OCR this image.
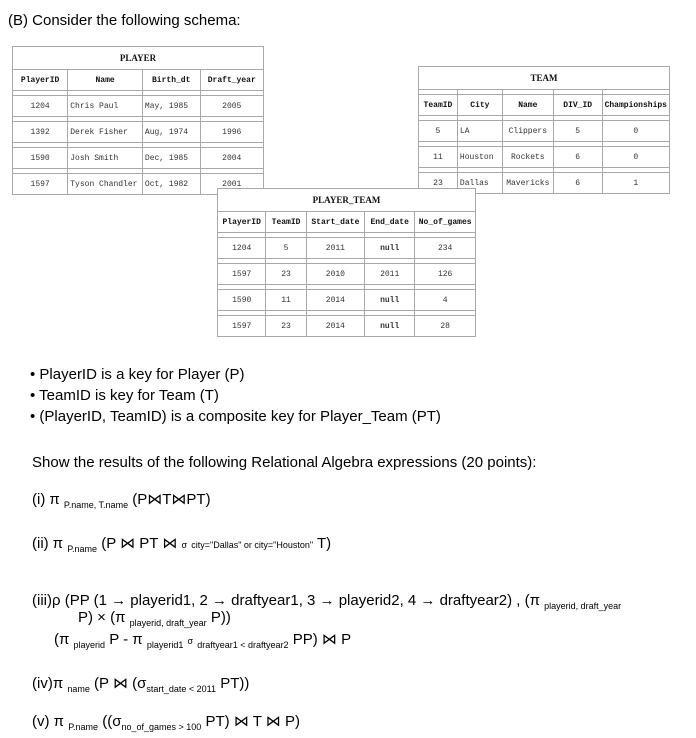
(B) Consider the following schema:
PLAYER			
PlayerID	Name	Birth_dt	Draft_year

1204	Chris Paul	May, 1985	2005

1392	Derek Fisher	Aug, 1974	1996

1590	Josh Smith	Dec, 1985	2004

1597	Tyson Chandler	Oct, 1982	2001
TEAM				

TeamID	City	Name	DIV_ID	Championships

5	LA	Clippers	5	0

11	Houston	Rockets	6	0

23	Dallas	Mavericks	6	1
PLAYER_TEAM				
PlayerID	TeamID	Start_date	End_date	No_of_games

1204	5	2011	null	234

1597	23	2010	2011	126

1590	11	2014	null	4

1597	23	2014	null	28
• PlayerID is a key for Player (P)
• TeamID is key for Team (T)
• (PlayerID, TeamID) is a composite key for Player_Team (PT)
Show the results of the following Relational Algebra expressions (20 points):
(i) π $_{P.name, T.name}$ (P⋈T⋈PT)
(ii) π $_{P.name}$ (P ⋈ PT ⋈ σ city="Dallas" or city="Houston" T)
(iii)ρ (PP (1 → playerid1, 2 → draftyear1, 3 → playerid2, 4 → draftyear2) , (π $_{playerid, draft\_year}$
P) × (π $_{playerid, draft\_year}$ P))
(π $_{playerid}$ P - π $_{playerid1}$ σ $_{draftyear1 < draftyear2}$ PP) ⋈ P
(iv)π $_{name}$ (P ⋈ ($\sigma_{start\_date < 2011}$ PT))
(v) π $_{P.name}$ (($\sigma_{no\_of\_games > 100}$ PT) ⋈ T ⋈ P)
